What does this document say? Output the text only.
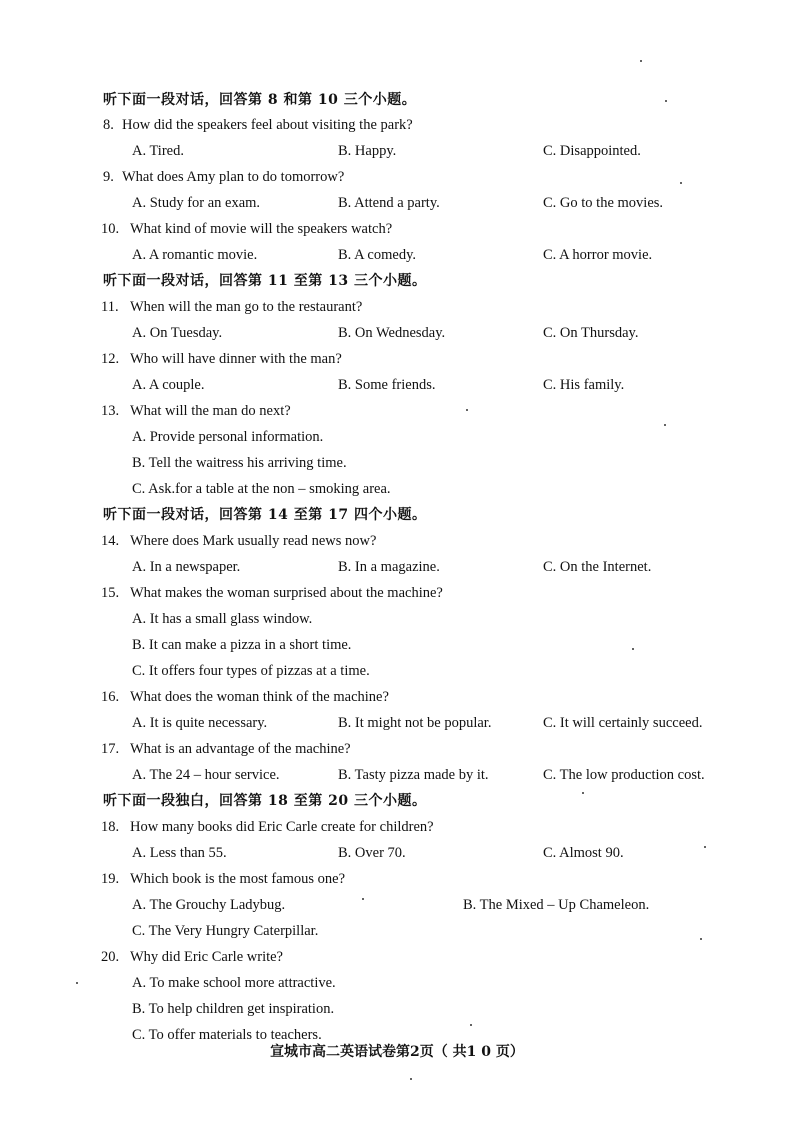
听下面一段对话，回答第 8 和第 10 三个小题。
8. How did the speakers feel about visiting the park?
A. Tired.	B. Happy.	C. Disappointed.
9. What does Amy plan to do tomorrow?
A. Study for an exam.	B. Attend a party.	C. Go to the movies.
10. What kind of movie will the speakers watch?
A. A romantic movie.	B. A comedy.	C. A horror movie.
听下面一段对话，回答第 11 至第 13 三个小题。
11. When will the man go to the restaurant?
A. On Tuesday.	B. On Wednesday.	C. On Thursday.
12. Who will have dinner with the man?
A. A couple.	B. Some friends.	C. His family.
13. What will the man do next?
A. Provide personal information.
B. Tell the waitress his arriving time.
C. Ask.for a table at the non – smoking area.
听下面一段对话，回答第 14 至第 17 四个小题。
14. Where does Mark usually read news now?
A. In a newspaper.	B. In a magazine.	C. On the Internet.
15. What makes the woman surprised about the machine?
A. It has a small glass window.
B. It can make a pizza in a short time.
C. It offers four types of pizzas at a time.
16. What does the woman think of the machine?
A. It is quite necessary.	B. It might not be popular.	C. It will certainly succeed.
17. What is an advantage of the machine?
A. The 24 – hour service.	B. Tasty pizza made by it.	C. The low production cost.
听下面一段独白，回答第 18 至第 20 三个小题。
18. How many books did Eric Carle create for children?
A. Less than 55.	B. Over 70.	C. Almost 90.
19. Which book is the most famous one?
A. The Grouchy Ladybug.	B. The Mixed – Up Chameleon.
C. The Very Hungry Caterpillar.
20. Why did Eric Carle write?
A. To make school more attractive.
B. To help children get inspiration.
C. To offer materials to teachers.
宣城市高二英语试卷第2页（ 共1 0 页）
